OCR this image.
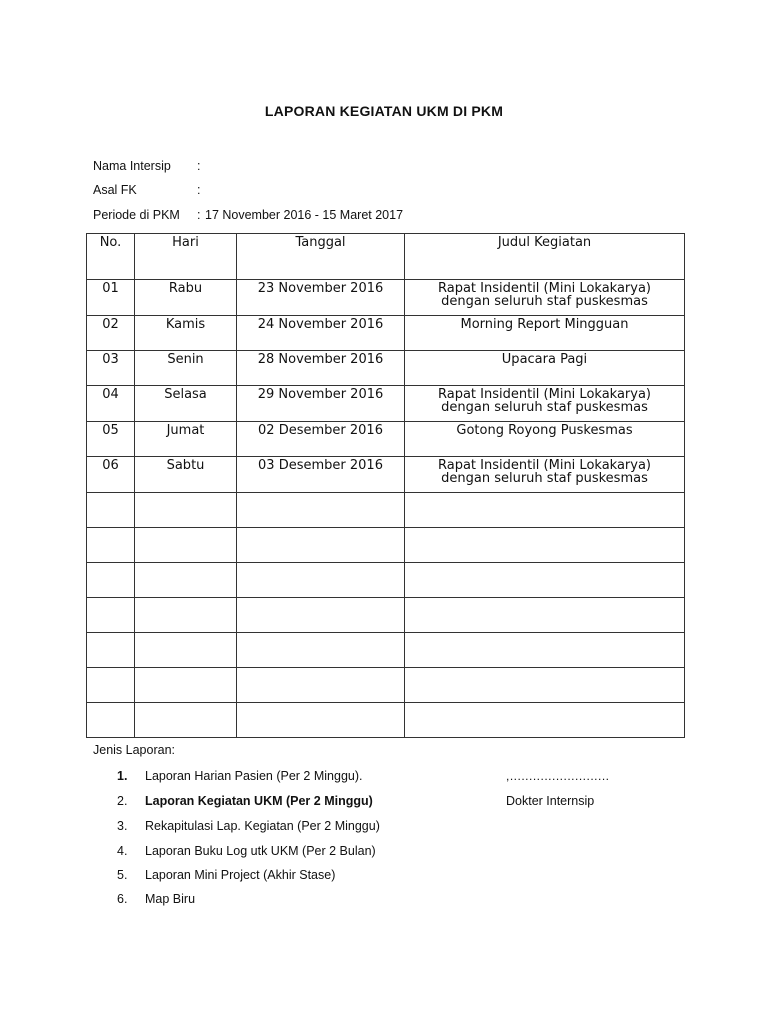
LAPORAN KEGIATAN UKM DI PKM
Nama Intersip :
Asal FK	:
Periode di PKM : 17 November 2016 - 15 Maret 2017
No.	Hari	Tanggal	Judul Kegiatan
01	Rabu	23 November 2016	Rapat Insidentil (Mini Lokakarya)
dengan seluruh staf puskesmas

02	Kamis	24 November 2016	Morning Report Mingguan

03	Senin	28 November 2016	Upacara Pagi

04	Selasa	29 November 2016	Rapat Insidentil (Mini Lokakarya)
dengan seluruh staf puskesmas

05	Jumat	02 Desember 2016	Gotong Royong Puskesmas

06	Sabtu	03 Desember 2016	Rapat Insidentil (Mini Lokakarya)
dengan seluruh staf puskesmas

Jenis Laporan:
1. Laporan Harian Pasien (Per 2 Minggu).
2. Laporan Kegiatan UKM (Per 2 Minggu)
3. Rekapitulasi Lap. Kegiatan (Per 2 Minggu)
4. Laporan Buku Log utk UKM (Per 2 Bulan)
5. Laporan Mini Project (Akhir Stase)
6. Map Biru
,..........................
Dokter Internsip
